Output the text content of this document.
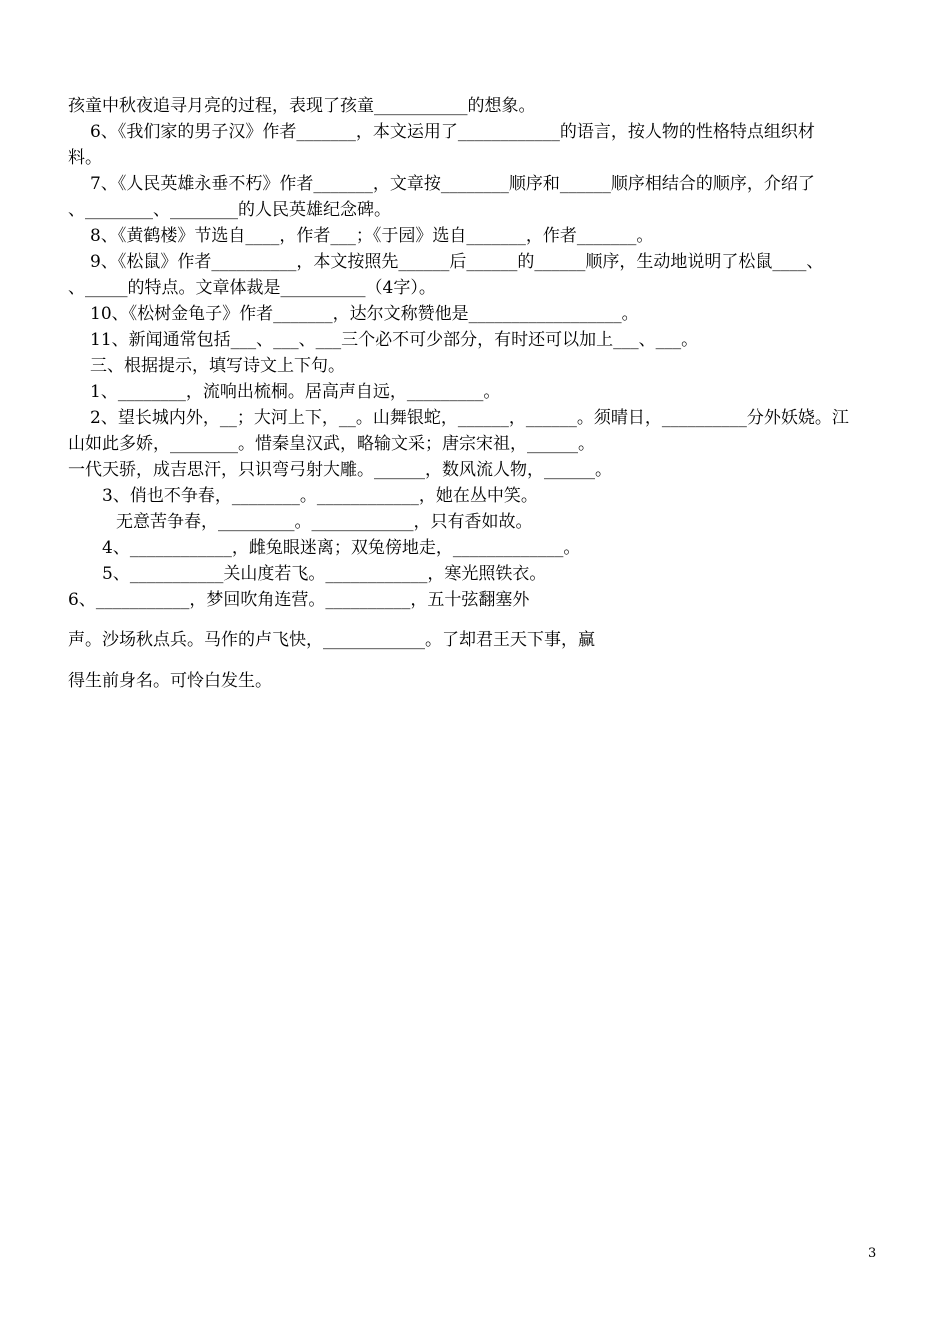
孩童中秋夜追寻月亮的过程，表现了孩童___________的想象。
6、《我们家的男子汉》作者_______，本文运用了____________的语言，按人物的性格特点组织材
料。
7、《人民英雄永垂不朽》作者_______，文章按________顺序和______顺序相结合的顺序，介绍了
、________、________的人民英雄纪念碑。
8、《黄鹤楼》节选自____，作者___；《于园》选自_______，作者_______。
9、《松鼠》作者__________，本文按照先______后______的______顺序，生动地说明了松鼠____、
、_____的特点。文章体裁是__________（4字）。
10、《松树金龟子》作者_______，达尔文称赞他是__________________。
11、新闻通常包括___、___、___三个必不可少部分，有时还可以加上___、___。
三、根据提示，填写诗文上下句。
1、________，流响出梳桐。居高声自远，_________。
2、望长城内外，__；大河上下，__。山舞银蛇，______，______。须晴日，__________分外妖娆。江
山如此多娇，________。惜秦皇汉武，略输文采；唐宗宋祖，______。
一代天骄，成吉思汗，只识弯弓射大雕。______，数风流人物，______。
3、俏也不争春，________。____________，她在丛中笑。
无意苦争春，_________。____________，只有香如故。
4、____________，雌兔眼迷离；双兔傍地走，_____________。
5、___________关山度若飞。____________，寒光照铁衣。
6、___________，梦回吹角连营。__________，五十弦翻塞外
声。沙场秋点兵。马作的卢飞快，____________。了却君王天下事，赢
得生前身名。可怜白发生。
3
